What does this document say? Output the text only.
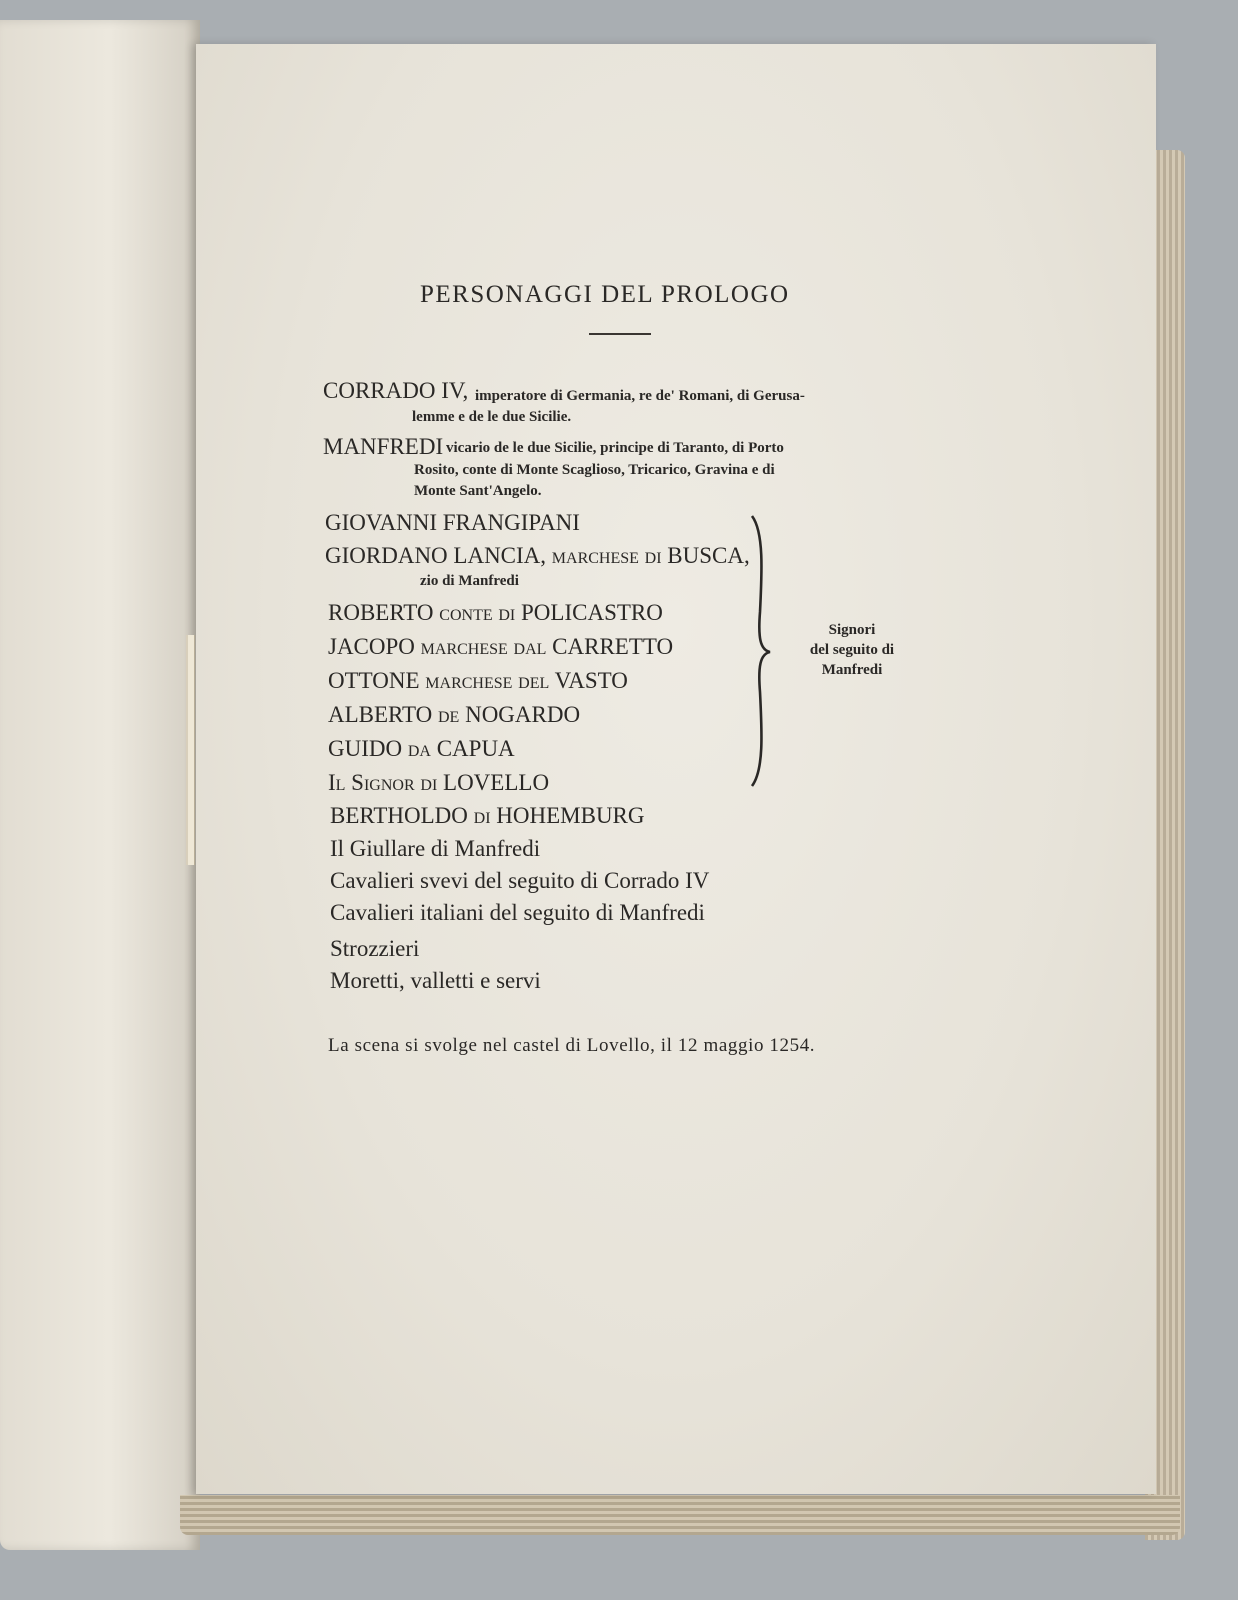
PERSONAGGI DEL PROLOGO
CORRADO IV, imperatore di Germania, re de' Romani, di Gerusa-
lemme e de le due Sicilie.
MANFREDI vicario de le due Sicilie, principe di Taranto, di Porto
Rosito, conte di Monte Scaglioso, Tricarico, Gravina e di
Monte Sant'Angelo.
GIOVANNI FRANGIPANI
GIORDANO LANCIA, marchese di BUSCA,
zio di Manfredi
ROBERTO conte di POLICASTRO
JACOPO marchese dal CARRETTO
OTTONE marchese del VASTO
ALBERTO de NOGARDO
GUIDO da CAPUA
Il Signor di LOVELLO
BERTHOLDO di HOHEMBURG
Il Giullare di Manfredi
Cavalieri svevi del seguito di Corrado IV
Cavalieri italiani del seguito di Manfredi
Strozzieri
Moretti, valletti e servi
Signori
del seguito di
Manfredi
La scena si svolge nel castel di Lovello, il 12 maggio 1254.
